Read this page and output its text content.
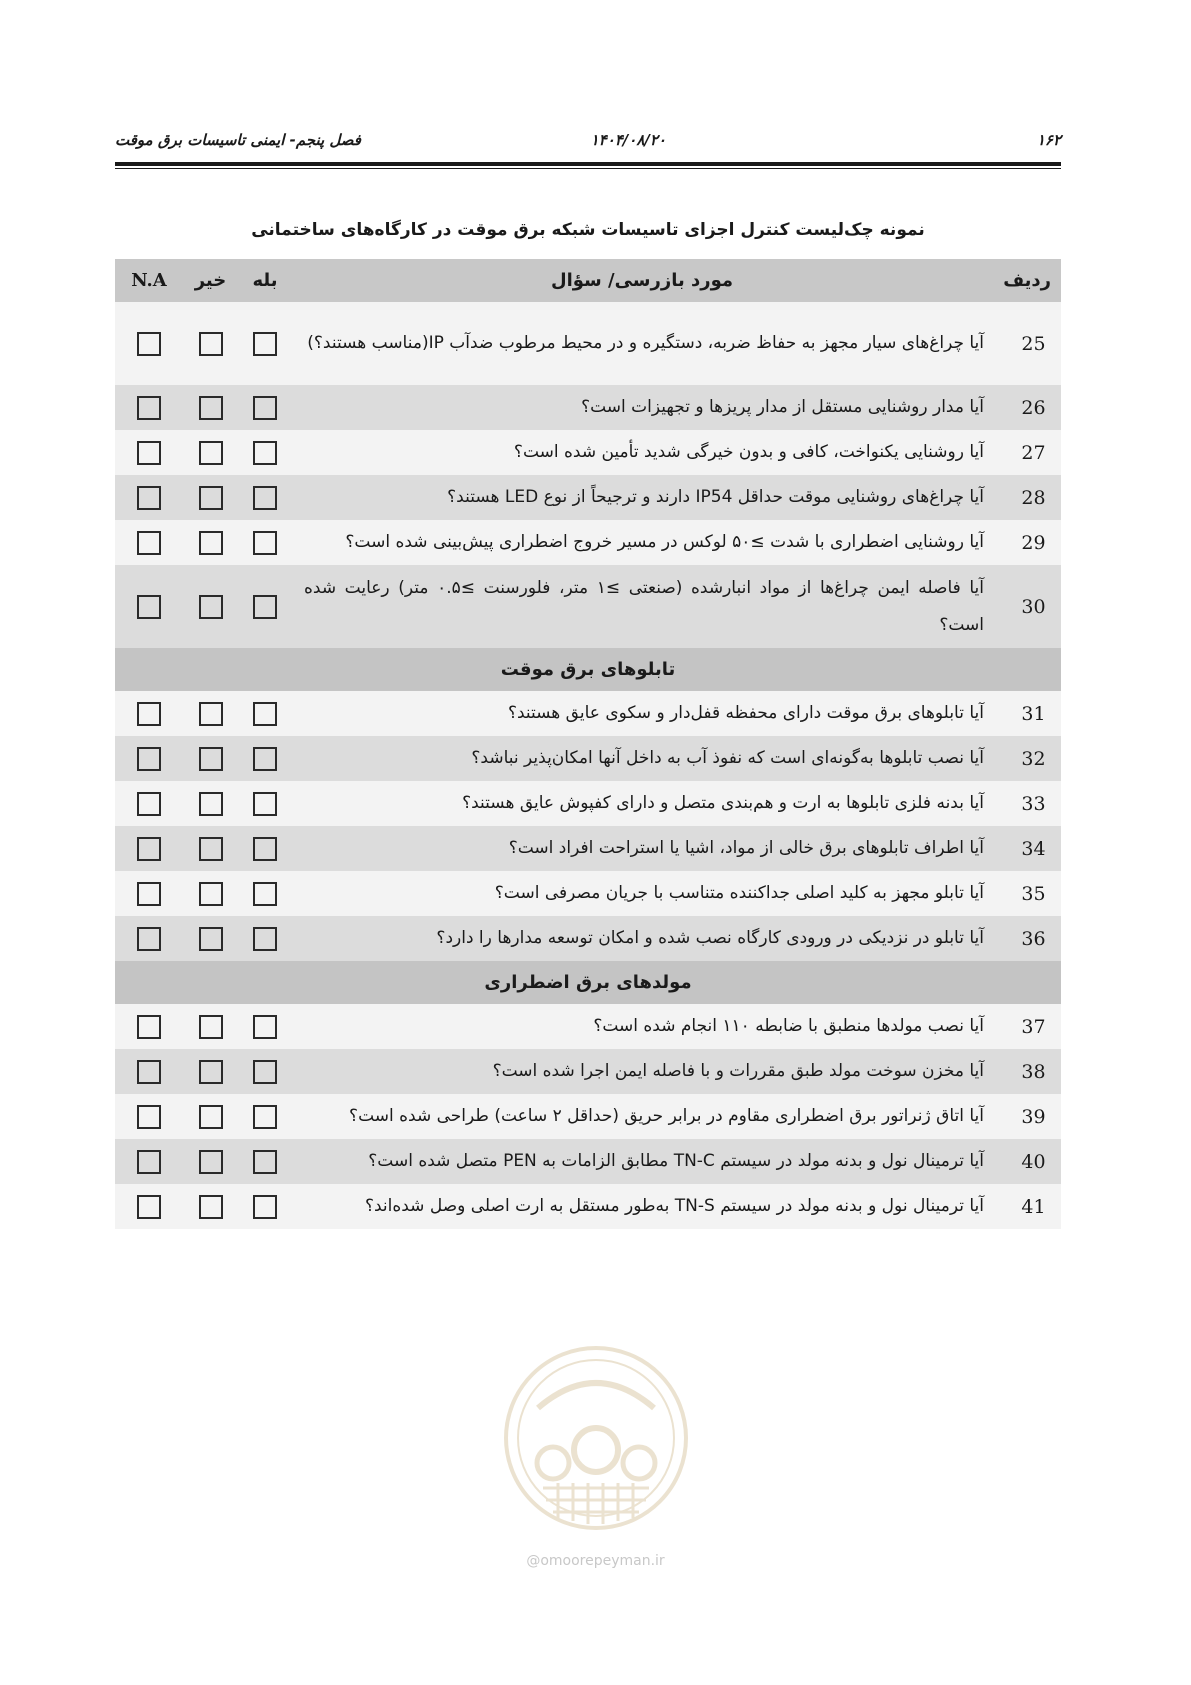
۱۶۲
۱۴۰۴/۰۸/۲۰
فصل پنجم- ایمنی تاسیسات برق موقت
نمونه چک‌لیست کنترل اجزای تاسیسات شبکه برق موقت در کارگاه‌های ساختمانی
ردیف	مورد بازرسی/ سؤال	بله	خیر	N.A
25	آیا چراغ‌های سیار مجهز به حفاظ ضربه، دستگیره و در محیط مرطوب ضدآب IP(مناسب هستند؟)			
26	آیا مدار روشنایی مستقل از مدار پریزها و تجهیزات است؟			
27	آیا روشنایی یکنواخت، کافی و بدون خیرگی شدید تأمین شده است؟			
28	آیا چراغ‌های روشنایی موقت حداقل IP54 دارند و ترجیحاً از نوع LED هستند؟			
29	آیا روشنایی اضطراری با شدت ≥۵۰ لوکس در مسیر خروج اضطراری پیش‌بینی شده است؟			
30	آیا فاصله ایمن چراغ‌ها از مواد انبارشده (صنعتی ≥۱ متر، فلورسنت ≥۰.۵ متر) رعایت شده است؟			
تابلوهای برق موقت				
31	آیا تابلوهای برق موقت دارای محفظه قفل‌دار و سکوی عایق هستند؟			
32	آیا نصب تابلوها به‌گونه‌ای است که نفوذ آب به داخل آنها امکان‌پذیر نباشد؟			
33	آیا بدنه فلزی تابلوها به ارت و هم‌بندی متصل و دارای کفپوش عایق هستند؟			
34	آیا اطراف تابلوهای برق خالی از مواد، اشیا یا استراحت افراد است؟			
35	آیا تابلو مجهز به کلید اصلی جداکننده متناسب با جریان مصرفی است؟			
36	آیا تابلو در نزدیکی در ورودی کارگاه نصب شده و امکان توسعه مدارها را دارد؟			
مولدهای برق اضطراری				
37	آیا نصب مولدها منطبق با ضابطه ۱۱۰ انجام شده است؟			
38	آیا مخزن سوخت مولد طبق مقررات و با فاصله ایمن اجرا شده است؟			
39	آیا اتاق ژنراتور برق اضطراری مقاوم در برابر حریق (حداقل ۲ ساعت) طراحی شده است؟			
40	آیا ترمینال نول و بدنه مولد در سیستم TN-C مطابق الزامات به PEN متصل شده است؟			
41	آیا ترمینال نول و بدنه مولد در سیستم TN-S به‌طور مستقل به ارت اصلی وصل شده‌اند؟			
@omoorepeyman.ir
